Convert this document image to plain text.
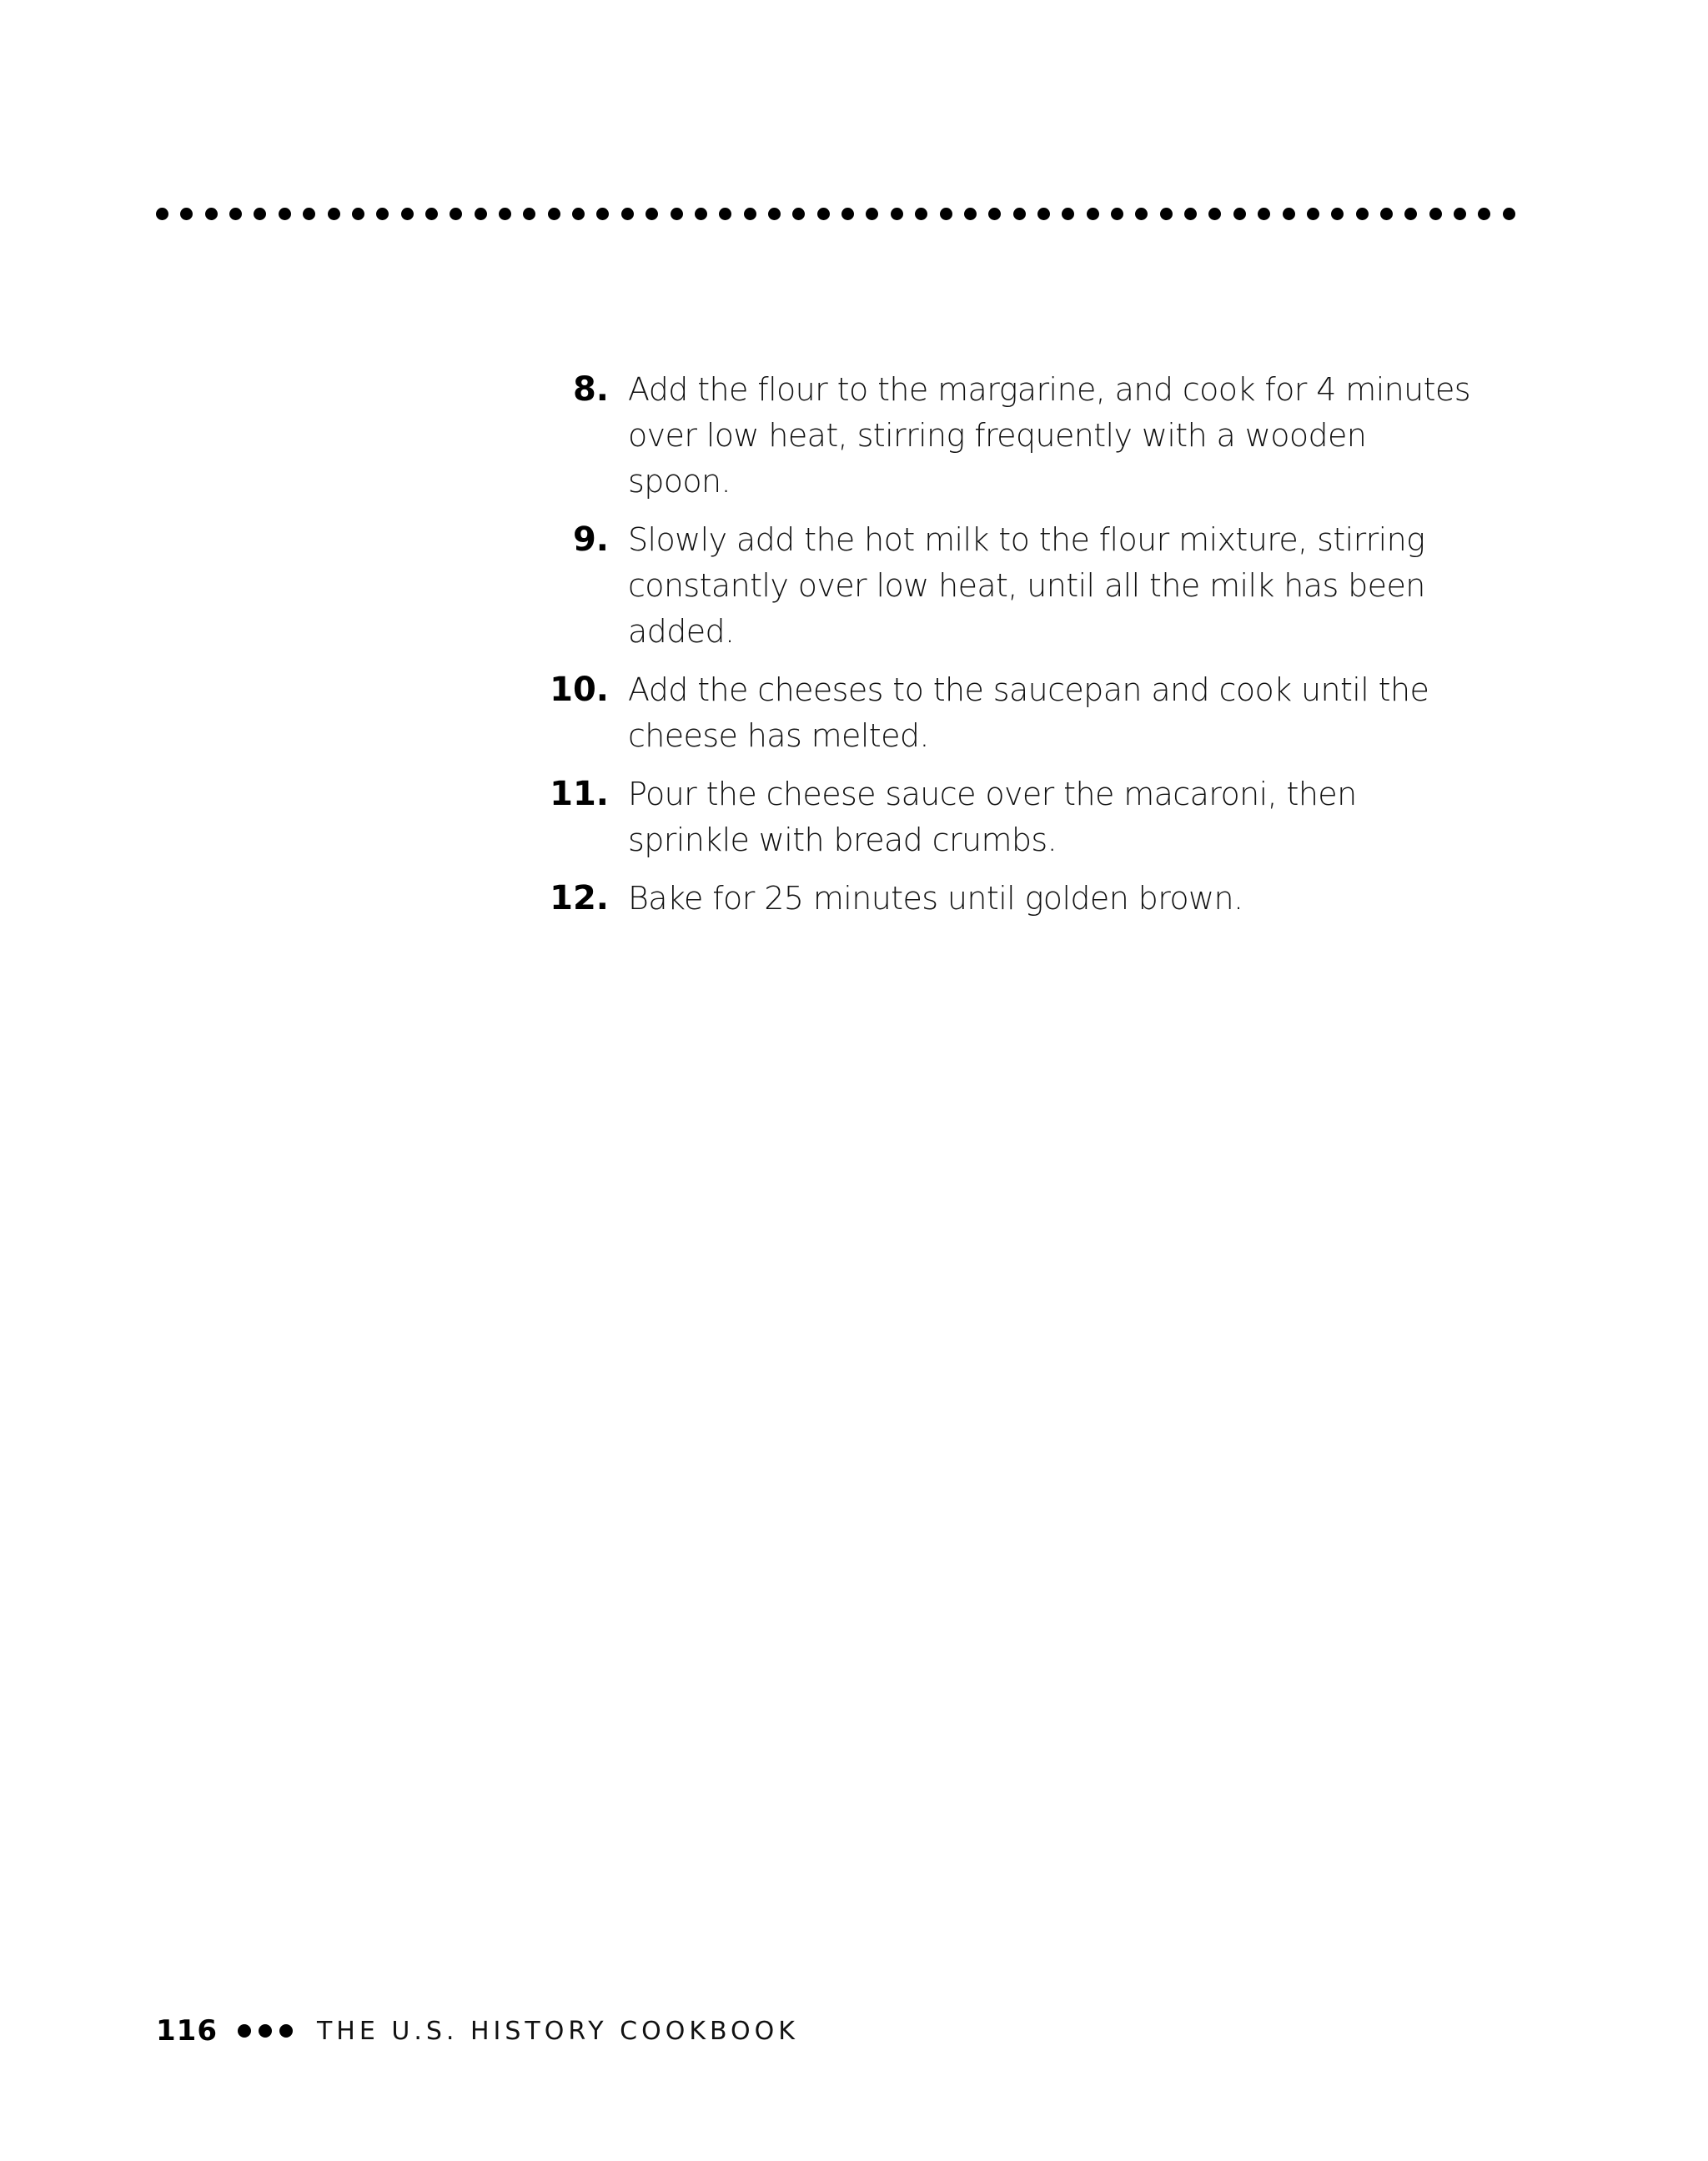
8. Add the flour to the margarine, and cook for 4 minutes over low heat, stirring frequently with a wooden spoon.
9. Slowly add the hot milk to the flour mixture, stirring constantly over low heat, until all the milk has been added.
10. Add the cheeses to the saucepan and cook until the cheese has melted.
11. Pour the cheese sauce over the macaroni, then sprinkle with bread crumbs.
12. Bake for 25 minutes until golden brown.
116	THE U.S. HISTORY COOKBOOK
